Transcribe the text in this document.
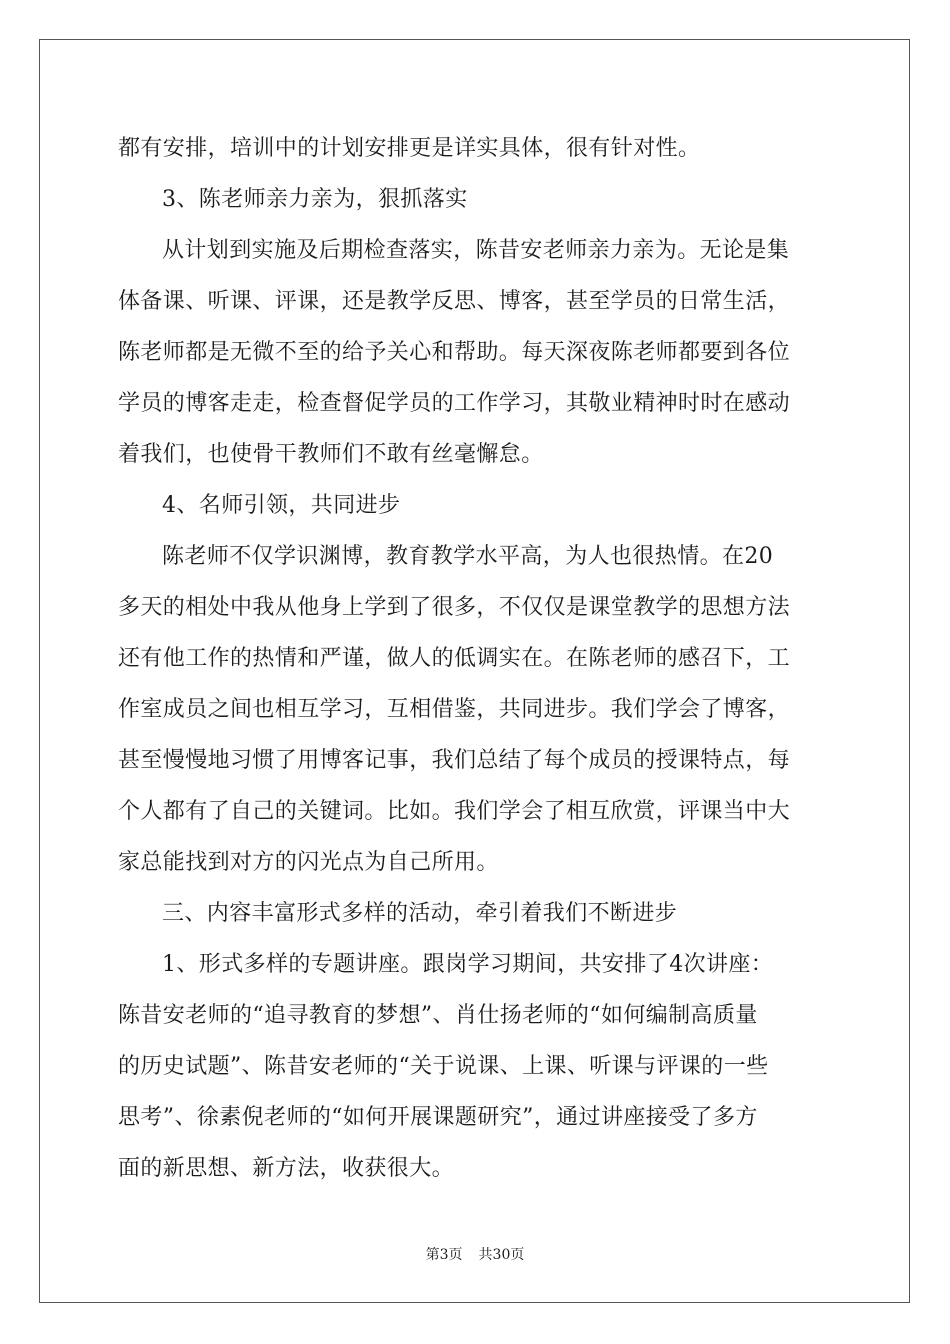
都有安排，培训中的计划安排更是详实具体，很有针对性。
3、陈老师亲力亲为，狠抓落实
从计划到实施及后期检查落实，陈昔安老师亲力亲为。无论是集
体备课、听课、评课，还是教学反思、博客，甚至学员的日常生活，
陈老师都是无微不至的给予关心和帮助。每天深夜陈老师都要到各位
学员的博客走走，检查督促学员的工作学习，其敬业精神时时在感动
着我们，也使骨干教师们不敢有丝毫懈怠。
4、名师引领，共同进步
陈老师不仅学识渊博，教育教学水平高，为人也很热情。在20
多天的相处中我从他身上学到了很多，不仅仅是课堂教学的思想方法
还有他工作的热情和严谨，做人的低调实在。在陈老师的感召下，工
作室成员之间也相互学习，互相借鉴，共同进步。我们学会了博客，
甚至慢慢地习惯了用博客记事，我们总结了每个成员的授课特点，每
个人都有了自己的关键词。比如。我们学会了相互欣赏，评课当中大
家总能找到对方的闪光点为自己所用。
三、内容丰富形式多样的活动，牵引着我们不断进步
1、形式多样的专题讲座。跟岗学习期间，共安排了4次讲座：
陈昔安老师的“追寻教育的梦想”、肖仕扬老师的“如何编制高质量
的历史试题”、陈昔安老师的“关于说课、上课、听课与评课的一些
思考”、徐素倪老师的“如何开展课题研究”，通过讲座接受了多方
面的新思想、新方法，收获很大。
第3页 共30页
